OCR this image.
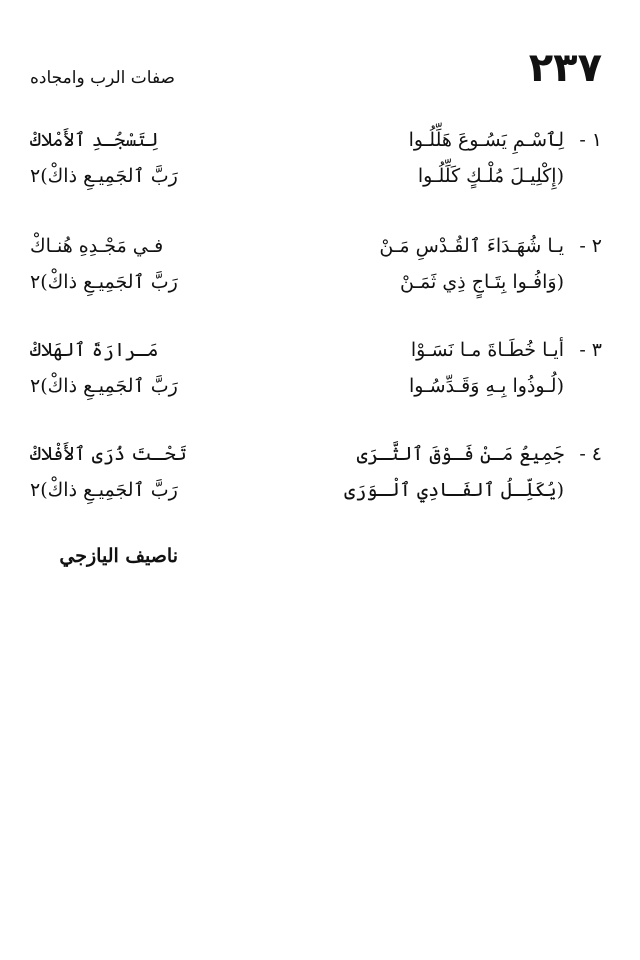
٢٣٧
صفات الرب وامجاده
١ -
لِٱسْـمِ يَسُـوعَ هَلِّلُـوا
لِتَسْجُـدِ ٱلأَمْلاكْ
(إِكْلِيـلَ مُلْـكٍ كَلِّلُـوا
رَبَّ ٱلجَمِيـعِ ذاكْ)٢
٢ -
يـا شُهَـدَاءَ ٱلقُـدْسِ مَـنْ
فـي مَجْـدِهِ هُنـاكْ
(وَافُـوا بِتَـاجٍ ذِي ثَمَـنْ
رَبَّ ٱلجَمِيـعِ ذاكْ)٢
٣ -
أيـا خُطَـاةَ مـا نَسَـوْا
مَـرارَةَ ٱلهَلاكْ
(لُـوذُوا بِـهِ وَقَـدِّسُـوا
رَبَّ ٱلجَمِيـعِ ذاكْ)٢
٤ -
جَمِيعُ مَـنْ فَـوْقَ ٱلثَّـرَى
تَحْـتَ ذُرَى ٱلأَفْلاكْ
(يُكَلِّـلُ ٱلفَـادِي ٱلْـوَرَى
رَبَّ ٱلجَمِيـعِ ذاكْ)٢
ناصيف اليازجي
